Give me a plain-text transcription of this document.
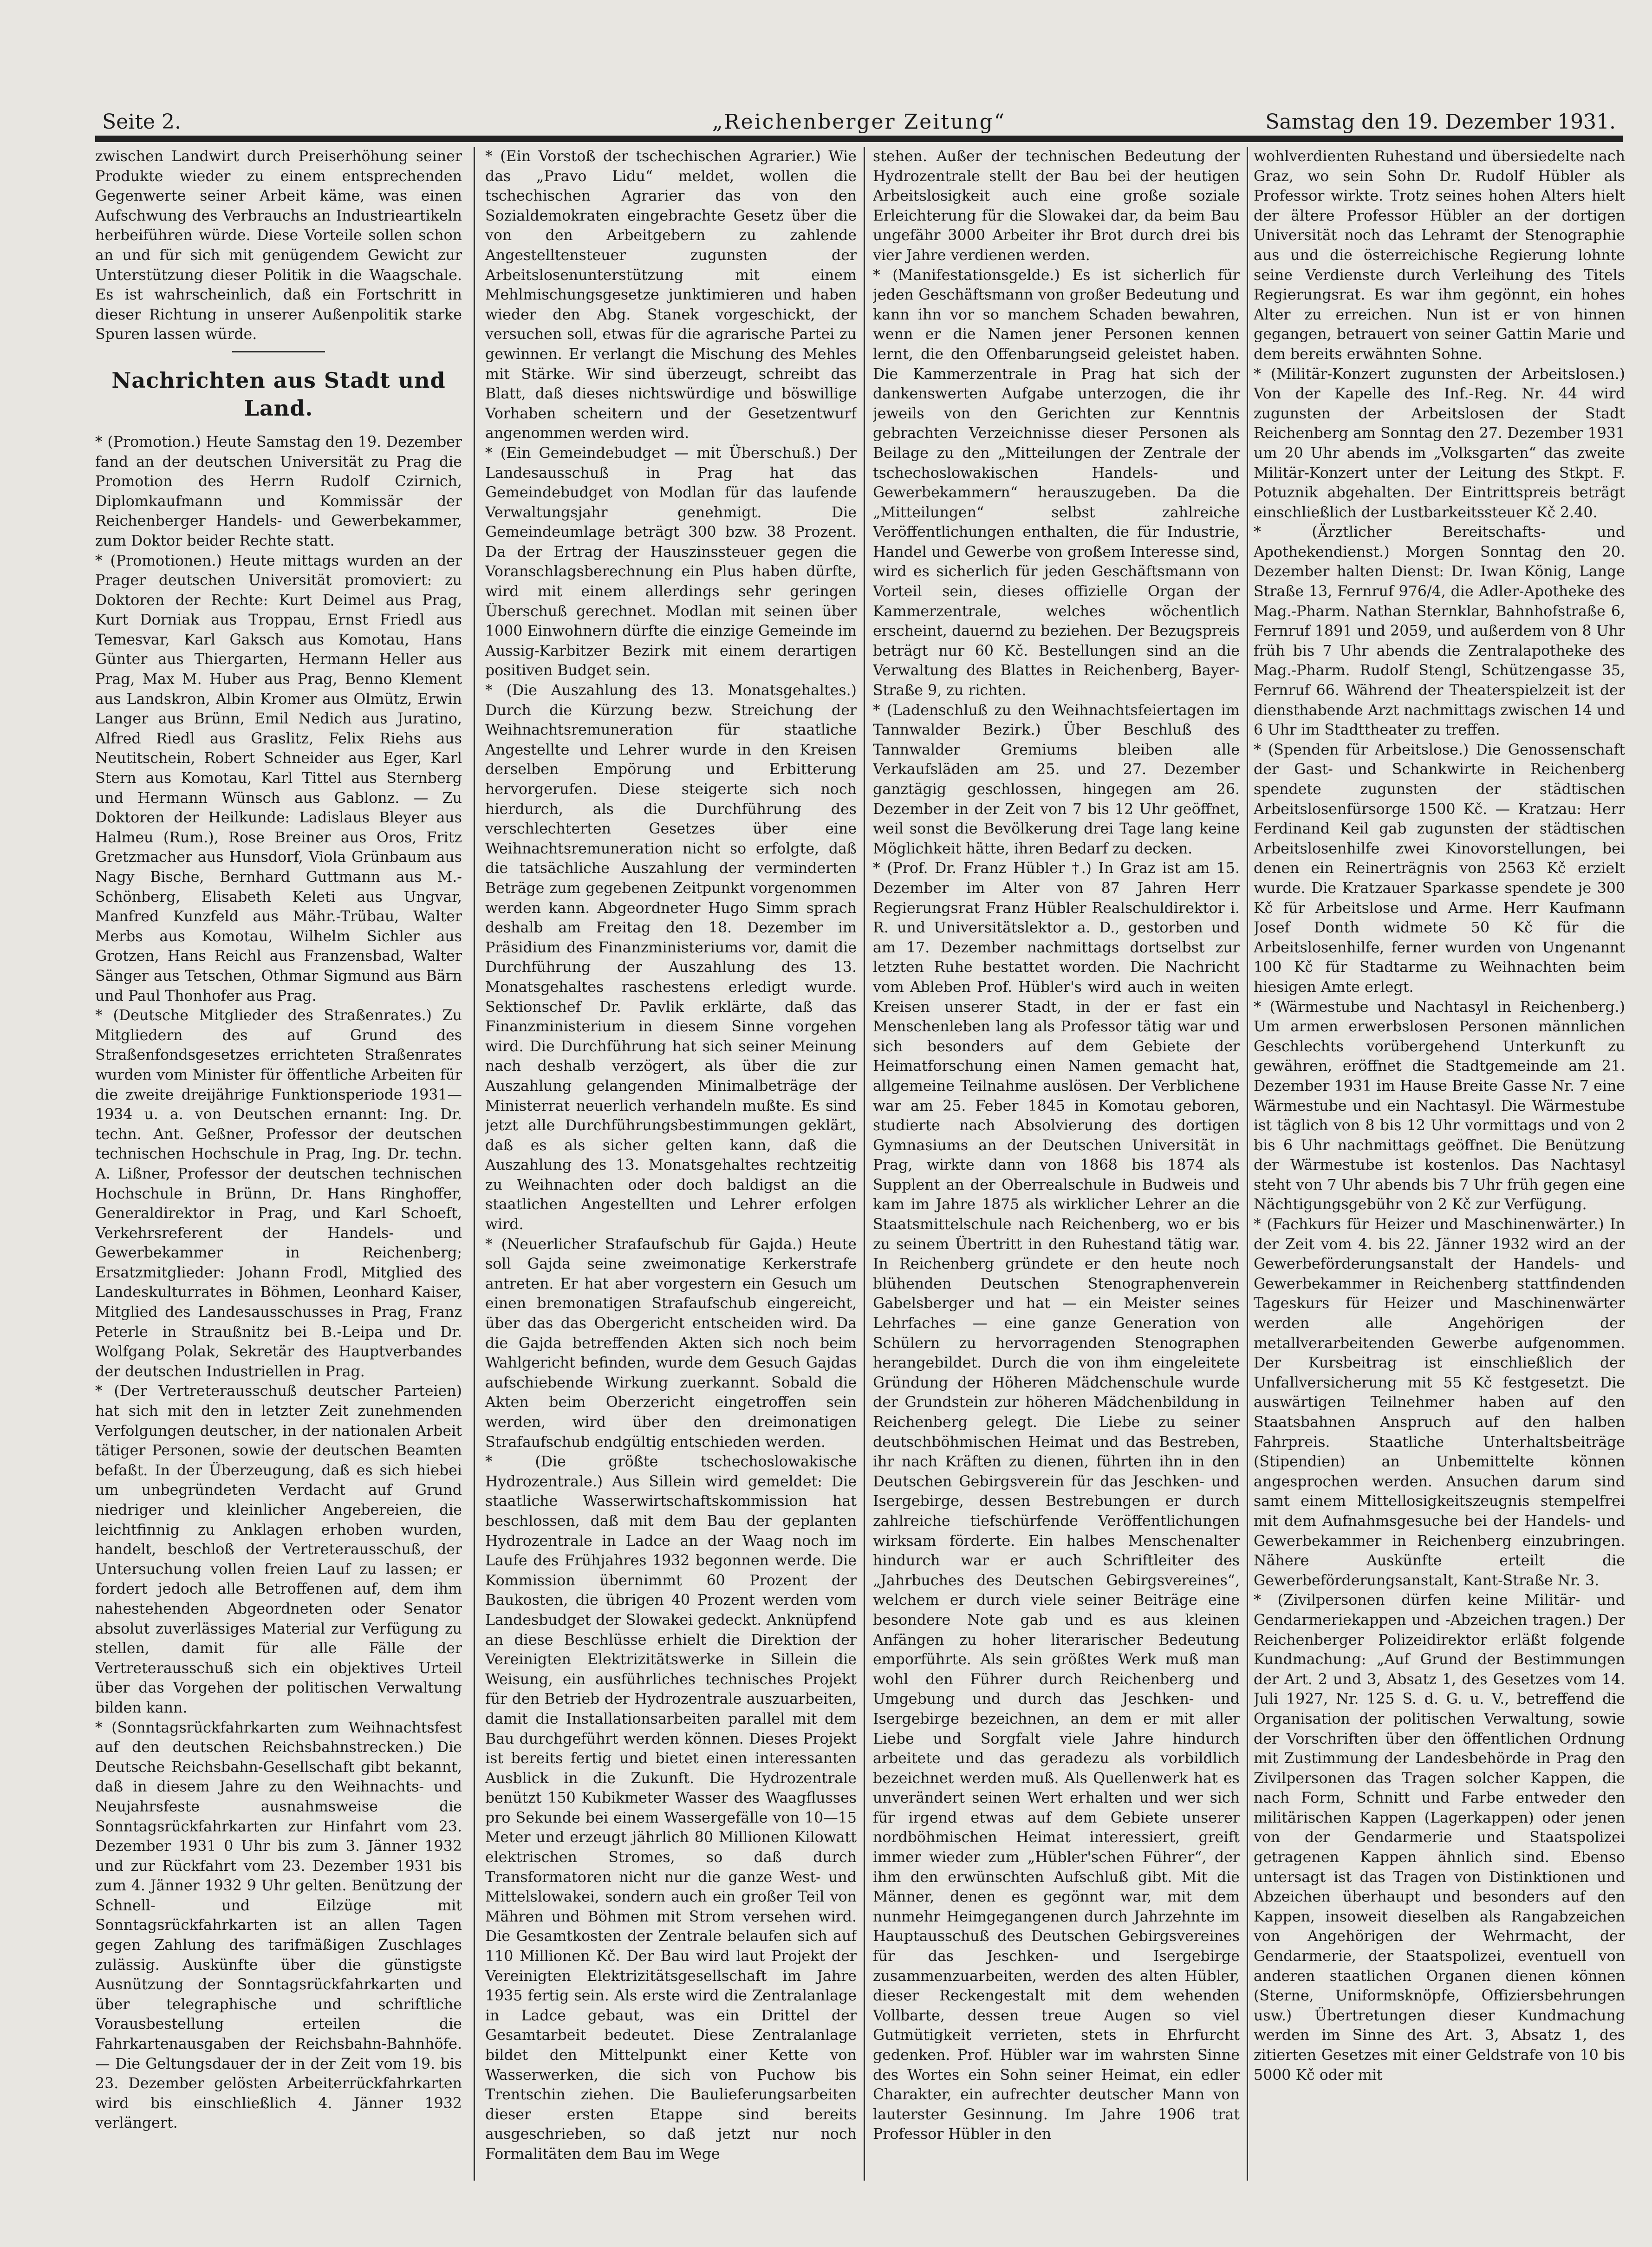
Seite 2.	„Reichenberger Zeitung“	Samstag den 19. Dezember 1931.

zwischen Landwirt durch Preiserhöhung seiner Produkte wieder zu einem entsprechenden Gegenwerte seiner Arbeit käme, was einen Aufschwung des Verbrauchs an Industrieartikeln herbeiführen würde. Diese Vorteile sollen schon an und für sich mit genügendem Gewicht zur Unterstützung dieser Politik in die Waagschale. Es ist wahrscheinlich, daß ein Fortschritt in dieser Richtung in unserer Außenpolitik starke Spuren lassen würde.

Nachrichten aus Stadt und Land.

* (Promotion.) Heute Samstag den 19. Dezember fand an der deutschen Universität zu Prag die Promotion des Herrn Rudolf Czirnich, Diplomkaufmann und Kommissär der Reichenberger Handels- und Gewerbekammer, zum Doktor beider Rechte statt.

* (Promotionen.) Heute mittags wurden an der Prager deutschen Universität promoviert: zu Doktoren der Rechte: Kurt Deimel aus Prag, Kurt Dorniak aus Troppau, Ernst Friedl aus Temesvar, Karl Gaksch aus Komotau, Hans Günter aus Thiergarten, Hermann Heller aus Prag, Max M. Huber aus Prag, Benno Klement aus Landskron, Albin Kromer aus Olmütz, Erwin Langer aus Brünn, Emil Nedich aus Juratino, Alfred Riedl aus Graslitz, Felix Riehs aus Neutitschein, Robert Schneider aus Eger, Karl Stern aus Komotau, Karl Tittel aus Sternberg und Hermann Wünsch aus Gablonz. — Zu Doktoren der Heilkunde: Ladislaus Bleyer aus Halmeu (Rum.), Rose Breiner aus Oros, Fritz Gretzmacher aus Hunsdorf, Viola Grünbaum aus Nagy Bische, Bernhard Guttmann aus M.-Schönberg, Elisabeth Keleti aus Ungvar, Manfred Kunzfeld aus Mähr.-Trübau, Walter Merbs aus Komotau, Wilhelm Sichler aus Grotzen, Hans Reichl aus Franzensbad, Walter Sänger aus Tetschen, Othmar Sigmund aus Bärn und Paul Thonhofer aus Prag.

* (Deutsche Mitglieder des Straßenrates.) Zu Mitgliedern des auf Grund des Straßenfondsgesetzes errichteten Straßenrates wurden vom Minister für öffentliche Arbeiten für die zweite dreijährige Funktionsperiode 1931—1934 u. a. von Deutschen ernannt: Ing. Dr. techn. Ant. Geßner, Professor der deutschen technischen Hochschule in Prag, Ing. Dr. techn. A. Lißner, Professor der deutschen technischen Hochschule in Brünn, Dr. Hans Ringhoffer, Generaldirektor in Prag, und Karl Schoeft, Verkehrsreferent der Handels- und Gewerbekammer in Reichenberg; Ersatzmitglieder: Johann Frodl, Mitglied des Landeskulturrates in Böhmen, Leonhard Kaiser, Mitglied des Landesausschusses in Prag, Franz Peterle in Straußnitz bei B.-Leipa und Dr. Wolfgang Polak, Sekretär des Hauptverbandes der deutschen Industriellen in Prag.

* (Der Vertreterausschuß deutscher Parteien) hat sich mit den in letzter Zeit zunehmenden Verfolgungen deutscher, in der nationalen Arbeit tätiger Personen, sowie der deutschen Beamten befaßt. In der Überzeugung, daß es sich hiebei um unbegründeten Verdacht auf Grund niedriger und kleinlicher Angebereien, die leichtfinnig zu Anklagen erhoben wurden, handelt, beschloß der Vertreterausschuß, der Untersuchung vollen freien Lauf zu lassen; er fordert jedoch alle Betroffenen auf, dem ihm nahestehenden Abgeordneten oder Senator absolut zuverlässiges Material zur Verfügung zu stellen, damit für alle Fälle der Vertreterausschuß sich ein objektives Urteil über das Vorgehen der politischen Verwaltung bilden kann.

* (Sonntagsrückfahrkarten zum Weihnachtsfest auf den deutschen Reichsbahnstrecken.) Die Deutsche Reichsbahn-Gesellschaft gibt bekannt, daß in diesem Jahre zu den Weihnachts- und Neujahrsfeste ausnahmsweise die Sonntagsrückfahrkarten zur Hinfahrt vom 23. Dezember 1931 0 Uhr bis zum 3. Jänner 1932 und zur Rückfahrt vom 23. Dezember 1931 bis zum 4. Jänner 1932 9 Uhr gelten. Benützung der Schnell- und Eilzüge mit Sonntagsrückfahrkarten ist an allen Tagen gegen Zahlung des tarifmäßigen Zuschlages zulässig. Auskünfte über die günstigste Ausnützung der Sonntagsrückfahrkarten und über telegraphische und schriftliche Vorausbestellung erteilen die Fahrkartenausgaben der Reichsbahn-Bahnhöfe. — Die Geltungsdauer der in der Zeit vom 19. bis 23. Dezember gelösten Arbeiterrückfahrkarten wird bis einschließlich 4. Jänner 1932 verlängert.

* (Ein Vorstoß der tschechischen Agrarier.) Wie das „Pravo Lidu“ meldet, wollen die tschechischen Agrarier das von den Sozialdemokraten eingebrachte Gesetz über die von den Arbeitgebern zu zahlende Angestelltensteuer zugunsten der Arbeitslosenunterstützung mit einem Mehlmischungsgesetze junktimieren und haben wieder den Abg. Stanek vorgeschickt, der versuchen soll, etwas für die agrarische Partei zu gewinnen. Er verlangt die Mischung des Mehles mit Stärke. Wir sind überzeugt, schreibt das Blatt, daß dieses nichtswürdige und böswillige Vorhaben scheitern und der Gesetzentwurf angenommen werden wird.

* (Ein Gemeindebudget — mit Überschuß.) Der Landesausschuß in Prag hat das Gemeindebudget von Modlan für das laufende Verwaltungsjahr genehmigt. Die Gemeindeumlage beträgt 300 bzw. 38 Prozent. Da der Ertrag der Hauszinssteuer gegen die Voranschlagsberechnung ein Plus haben dürfte, wird mit einem allerdings sehr geringen Überschuß gerechnet. Modlan mit seinen über 1000 Einwohnern dürfte die einzige Gemeinde im Aussig-Karbitzer Bezirk mit einem derartigen positiven Budget sein.

* (Die Auszahlung des 13. Monatsgehaltes.) Durch die Kürzung bezw. Streichung der Weihnachtsremuneration für staatliche Angestellte und Lehrer wurde in den Kreisen derselben Empörung und Erbitterung hervorgerufen. Diese steigerte sich noch hierdurch, als die Durchführung des verschlechterten Gesetzes über eine Weihnachtsremuneration nicht so erfolgte, daß die tatsächliche Auszahlung der verminderten Beträge zum gegebenen Zeitpunkt vorgenommen werden kann. Abgeordneter Hugo Simm sprach deshalb am Freitag den 18. Dezember im Präsidium des Finanzministeriums vor, damit die Durchführung der Auszahlung des 13. Monatsgehaltes raschestens erledigt wurde. Sektionschef Dr. Pavlik erklärte, daß das Finanzministerium in diesem Sinne vorgehen wird. Die Durchführung hat sich seiner Meinung nach deshalb verzögert, als über die zur Auszahlung gelangenden Minimalbeträge der Ministerrat neuerlich verhandeln mußte. Es sind jetzt alle Durchführungsbestimmungen geklärt, daß es als sicher gelten kann, daß die Auszahlung des 13. Monatsgehaltes rechtzeitig zu Weihnachten oder doch baldigst an die staatlichen Angestellten und Lehrer erfolgen wird.

* (Neuerlicher Strafaufschub für Gajda.) Heute soll Gajda seine zweimonatige Kerkerstrafe antreten. Er hat aber vorgestern ein Gesuch um einen bremonatigen Strafaufschub eingereicht, über das das Obergericht entscheiden wird. Da die Gajda betreffenden Akten sich noch beim Wahlgericht befinden, wurde dem Gesuch Gajdas aufschiebende Wirkung zuerkannt. Sobald die Akten beim Oberzericht eingetroffen sein werden, wird über den dreimonatigen Strafaufschub endgültig entschieden werden.

* (Die größte tschechoslowakische Hydrozentrale.) Aus Sillein wird gemeldet: Die staatliche Wasserwirtschaftskommission hat beschlossen, daß mit dem Bau der geplanten Hydrozentrale in Ladce an der Waag noch im Laufe des Frühjahres 1932 begonnen werde. Die Kommission übernimmt 60 Prozent der Baukosten, die übrigen 40 Prozent werden vom Landesbudget der Slowakei gedeckt. Anknüpfend an diese Beschlüsse erhielt die Direktion der Vereinigten Elektrizitätswerke in Sillein die Weisung, ein ausführliches technisches Projekt für den Betrieb der Hydrozentrale auszuarbeiten, damit die Installationsarbeiten parallel mit dem Bau durchgeführt werden können. Dieses Projekt ist bereits fertig und bietet einen interessanten Ausblick in die Zukunft. Die Hydrozentrale benützt 150 Kubikmeter Wasser des Waagflusses pro Sekunde bei einem Wassergefälle von 10—15 Meter und erzeugt jährlich 80 Millionen Kilowatt elektrischen Stromes, so daß durch Transformatoren nicht nur die ganze West- und Mittelslowakei, sondern auch ein großer Teil von Mähren und Böhmen mit Strom versehen wird. Die Gesamtkosten der Zentrale belaufen sich auf 110 Millionen Kč. Der Bau wird laut Projekt der Vereinigten Elektrizitätsgesellschaft im Jahre 1935 fertig sein. Als erste wird die Zentralanlage in Ladce gebaut, was ein Drittel der Gesamtarbeit bedeutet. Diese Zentralanlage bildet den Mittelpunkt einer Kette von Wasserwerken, die sich von Puchow bis Trentschin ziehen. Die Baulieferungsarbeiten dieser ersten Etappe sind bereits ausgeschrieben, so daß jetzt nur noch Formalitäten dem Bau im Wege

stehen. Außer der technischen Bedeutung der Hydrozentrale stellt der Bau bei der heutigen Arbeitslosigkeit auch eine große soziale Erleichterung für die Slowakei dar, da beim Bau ungefähr 3000 Arbeiter ihr Brot durch drei bis vier Jahre verdienen werden.

* (Manifestationsgelde.) Es ist sicherlich für jeden Geschäftsmann von großer Bedeutung und kann ihn vor so manchem Schaden bewahren, wenn er die Namen jener Personen kennen lernt, die den Offenbarungseid geleistet haben. Die Kammerzentrale in Prag hat sich der dankenswerten Aufgabe unterzogen, die ihr jeweils von den Gerichten zur Kenntnis gebrachten Verzeichnisse dieser Personen als Beilage zu den „Mitteilungen der Zentrale der tschechoslowakischen Handels- und Gewerbekammern“ herauszugeben. Da die „Mitteilungen“ selbst zahlreiche Veröffentlichungen enthalten, die für Industrie, Handel und Gewerbe von großem Interesse sind, wird es sicherlich für jeden Geschäftsmann von Vorteil sein, dieses offizielle Organ der Kammerzentrale, welches wöchentlich erscheint, dauernd zu beziehen. Der Bezugspreis beträgt nur 60 Kč. Bestellungen sind an die Verwaltung des Blattes in Reichenberg, Bayer-Straße 9, zu richten.

* (Ladenschluß zu den Weihnachtsfeiertagen im Tannwalder Bezirk.) Über Beschluß des Tannwalder Gremiums bleiben alle Verkaufsläden am 25. und 27. Dezember ganztägig geschlossen, hingegen am 26. Dezember in der Zeit von 7 bis 12 Uhr geöffnet, weil sonst die Bevölkerung drei Tage lang keine Möglichkeit hätte, ihren Bedarf zu decken.

* (Prof. Dr. Franz Hübler †.) In Graz ist am 15. Dezember im Alter von 87 Jahren Herr Regierungsrat Franz Hübler Realschuldirektor i. R. und Universitätslektor a. D., gestorben und am 17. Dezember nachmittags dortselbst zur letzten Ruhe bestattet worden. Die Nachricht vom Ableben Prof. Hübler's wird auch in weiten Kreisen unserer Stadt, in der er fast ein Menschenleben lang als Professor tätig war und sich besonders auf dem Gebiete der Heimatforschung einen Namen gemacht hat, allgemeine Teilnahme auslösen. Der Verblichene war am 25. Feber 1845 in Komotau geboren, studierte nach Absolvierung des dortigen Gymnasiums an der Deutschen Universität in Prag, wirkte dann von 1868 bis 1874 als Supplent an der Oberrealschule in Budweis und kam im Jahre 1875 als wirklicher Lehrer an die Staatsmittelschule nach Reichenberg, wo er bis zu seinem Übertritt in den Ruhestand tätig war. In Reichenberg gründete er den heute noch blühenden Deutschen Stenographenverein Gabelsberger und hat — ein Meister seines Lehrfaches — eine ganze Generation von Schülern zu hervorragenden Stenographen herangebildet. Durch die von ihm eingeleitete Gründung der Höheren Mädchenschule wurde der Grundstein zur höheren Mädchenbildung in Reichenberg gelegt. Die Liebe zu seiner deutschböhmischen Heimat und das Bestreben, ihr nach Kräften zu dienen, führten ihn in den Deutschen Gebirgsverein für das Jeschken- und Isergebirge, dessen Bestrebungen er durch zahlreiche tiefschürfende Veröffentlichungen wirksam förderte. Ein halbes Menschenalter hindurch war er auch Schriftleiter des „Jahrbuches des Deutschen Gebirgsvereines“, welchem er durch viele seiner Beiträge eine besondere Note gab und es aus kleinen Anfängen zu hoher literarischer Bedeutung emporführte. Als sein größtes Werk muß man wohl den Führer durch Reichenberg und Umgebung und durch das Jeschken- und Isergebirge bezeichnen, an dem er mit aller Liebe und Sorgfalt viele Jahre hindurch arbeitete und das geradezu als vorbildlich bezeichnet werden muß. Als Quellenwerk hat es unverändert seinen Wert erhalten und wer sich für irgend etwas auf dem Gebiete unserer nordböhmischen Heimat interessiert, greift immer wieder zum „Hübler'schen Führer“, der ihm den erwünschten Aufschluß gibt. Mit die Männer, denen es gegönnt war, mit dem nunmehr Heimgegangenen durch Jahrzehnte im Hauptausschuß des Deutschen Gebirgsvereines für das Jeschken- und Isergebirge zusammenzuarbeiten, werden des alten Hübler, dieser Reckengestalt mit dem wehenden Vollbarte, dessen treue Augen so viel Gutmütigkeit verrieten, stets in Ehrfurcht gedenken. Prof. Hübler war im wahrsten Sinne des Wortes ein Sohn seiner Heimat, ein edler Charakter, ein aufrechter deutscher Mann von lauterster Gesinnung. Im Jahre 1906 trat Professor Hübler in den

wohlverdienten Ruhestand und übersiedelte nach Graz, wo sein Sohn Dr. Rudolf Hübler als Professor wirkte. Trotz seines hohen Alters hielt der ältere Professor Hübler an der dortigen Universität noch das Lehramt der Stenographie aus und die österreichische Regierung lohnte seine Verdienste durch Verleihung des Titels Regierungsrat. Es war ihm gegönnt, ein hohes Alter zu erreichen. Nun ist er von hinnen gegangen, betrauert von seiner Gattin Marie und dem bereits erwähnten Sohne.

* (Militär-Konzert zugunsten der Arbeitslosen.) Von der Kapelle des Inf.-Reg. Nr. 44 wird zugunsten der Arbeitslosen der Stadt Reichenberg am Sonntag den 27. Dezember 1931 um 20 Uhr abends im „Volksgarten“ das zweite Militär-Konzert unter der Leitung des Stkpt. F. Potuznik abgehalten. Der Eintrittspreis beträgt einschließlich der Lustbarkeitssteuer Kč 2.40.

* (Ärztlicher Bereitschafts- und Apothekendienst.) Morgen Sonntag den 20. Dezember halten Dienst: Dr. Iwan König, Lange Straße 13, Fernruf 976/4, die Adler-Apotheke des Mag.-Pharm. Nathan Sternklar, Bahnhofstraße 6, Fernruf 1891 und 2059, und außerdem von 8 Uhr früh bis 7 Uhr abends die Zentralapotheke des Mag.-Pharm. Rudolf Stengl, Schützengasse 35, Fernruf 66. Während der Theaterspielzeit ist der diensthabende Arzt nachmittags zwischen 14 und 6 Uhr im Stadttheater zu treffen.

* (Spenden für Arbeitslose.) Die Genossenschaft der Gast- und Schankwirte in Reichenberg spendete zugunsten der städtischen Arbeitslosenfürsorge 1500 Kč. — Kratzau: Herr Ferdinand Keil gab zugunsten der städtischen Arbeitslosenhilfe zwei Kinovorstellungen, bei denen ein Reinerträgnis von 2563 Kč erzielt wurde. Die Kratzauer Sparkasse spendete je 300 Kč für Arbeitslose und Arme. Herr Kaufmann Josef Donth widmete 50 Kč für die Arbeitslosenhilfe, ferner wurden von Ungenannt 100 Kč für Stadtarme zu Weihnachten beim hiesigen Amte erlegt.

* (Wärmestube und Nachtasyl in Reichenberg.) Um armen erwerbslosen Personen männlichen Geschlechts vorübergehend Unterkunft zu gewähren, eröffnet die Stadtgemeinde am 21. Dezember 1931 im Hause Breite Gasse Nr. 7 eine Wärmestube und ein Nachtasyl. Die Wärmestube ist täglich von 8 bis 12 Uhr vormittags und von 2 bis 6 Uhr nachmittags geöffnet. Die Benützung der Wärmestube ist kostenlos. Das Nachtasyl steht von 7 Uhr abends bis 7 Uhr früh gegen eine Nächtigungsgebühr von 2 Kč zur Verfügung.

* (Fachkurs für Heizer und Maschinenwärter.) In der Zeit vom 4. bis 22. Jänner 1932 wird an der Gewerbeförderungsanstalt der Handels- und Gewerbekammer in Reichenberg stattfindenden Tageskurs für Heizer und Maschinenwärter werden alle Angehörigen der metallverarbeitenden Gewerbe aufgenommen. Der Kursbeitrag ist einschließlich der Unfallversicherung mit 55 Kč festgesetzt. Die auswärtigen Teilnehmer haben auf den Staatsbahnen Anspruch auf den halben Fahrpreis. Staatliche Unterhaltsbeiträge (Stipendien) an Unbemittelte können angesprochen werden. Ansuchen darum sind samt einem Mittellosigkeitszeugnis stempelfrei mit dem Aufnahmsgesuche bei der Handels- und Gewerbekammer in Reichenberg einzubringen. Nähere Auskünfte erteilt die Gewerbeförderungsanstalt, Kant-Straße Nr. 3.

* (Zivilpersonen dürfen keine Militär- und Gendarmeriekappen und -Abzeichen tragen.) Der Reichenberger Polizeidirektor erläßt folgende Kundmachung: „Auf Grund der Bestimmungen der Art. 2 und 3, Absatz 1, des Gesetzes vom 14. Juli 1927, Nr. 125 S. d. G. u. V., betreffend die Organisation der politischen Verwaltung, sowie der Vorschriften über den öffentlichen Ordnung mit Zustimmung der Landesbehörde in Prag den Zivilpersonen das Tragen solcher Kappen, die nach Form, Schnitt und Farbe entweder den militärischen Kappen (Lagerkappen) oder jenen von der Gendarmerie und Staatspolizei getragenen Kappen ähnlich sind. Ebenso untersagt ist das Tragen von Distinktionen und Abzeichen überhaupt und besonders auf den Kappen, insoweit dieselben als Rangabzeichen von Angehörigen der Wehrmacht, der Gendarmerie, der Staatspolizei, eventuell von anderen staatlichen Organen dienen können (Sterne, Uniformsknöpfe, Offiziersbehrungen usw.) Übertretungen dieser Kundmachung werden im Sinne des Art. 3, Absatz 1, des zitierten Gesetzes mit einer Geldstrafe von 10 bis 5000 Kč oder mit
